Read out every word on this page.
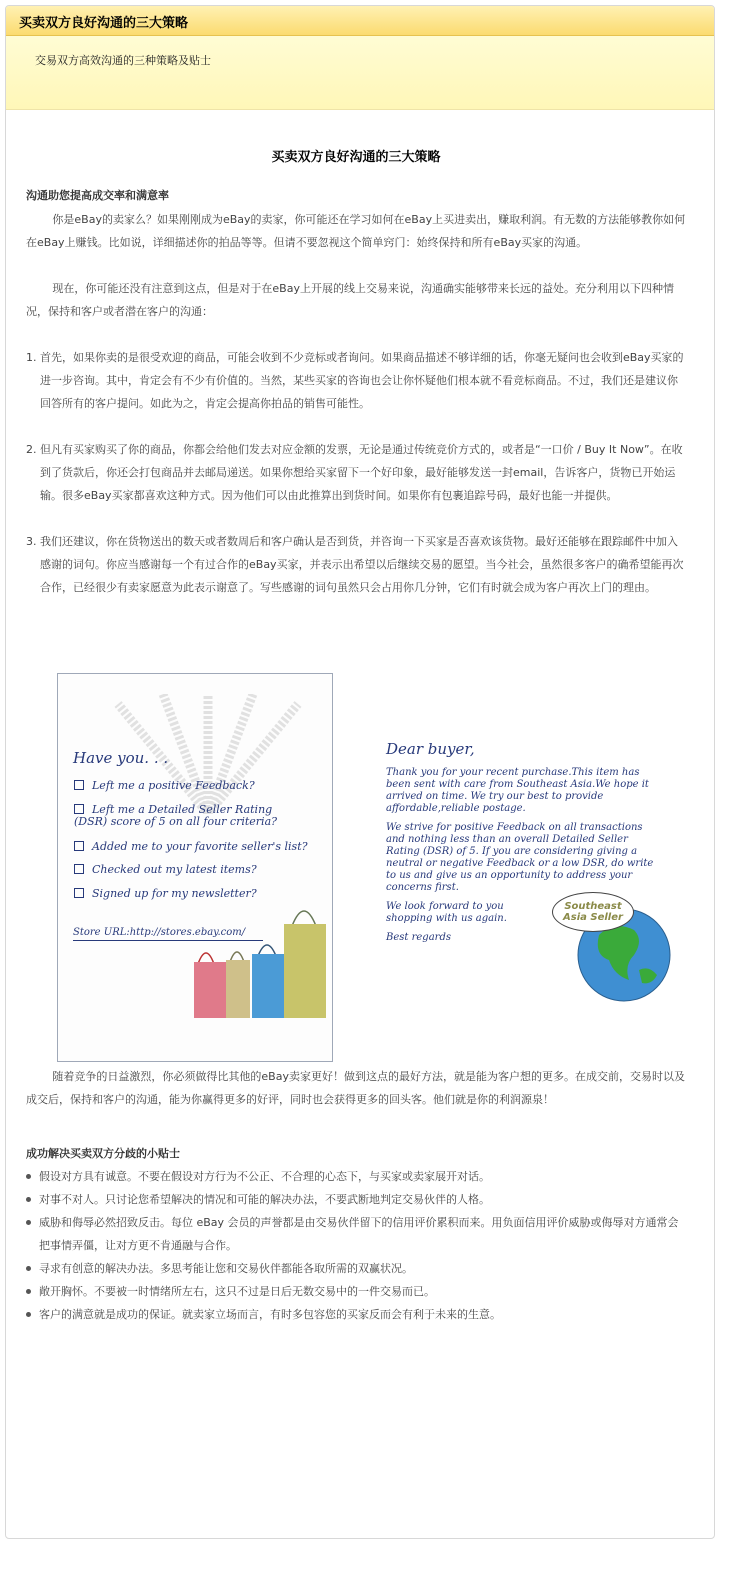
买卖双方良好沟通的三大策略
交易双方高效沟通的三种策略及贴士
买卖双方良好沟通的三大策略
沟通助您提高成交率和满意率

你是eBay的卖家么？如果刚刚成为eBay的卖家，你可能还在学习如何在eBay上买进卖出，赚取利润。有无数的方法能够教你如何在eBay上赚钱。比如说，详细描述你的拍品等等。但请不要忽视这个简单窍门：始终保持和所有eBay买家的沟通。

现在，你可能还没有注意到这点，但是对于在eBay上开展的线上交易来说，沟通确实能够带来长远的益处。充分利用以下四种情况，保持和客户或者潜在客户的沟通：

1. 首先，如果你卖的是很受欢迎的商品，可能会收到不少竞标或者询问。如果商品描述不够详细的话，你毫无疑问也会收到eBay买家的进一步咨询。其中，肯定会有不少有价值的。当然，某些买家的咨询也会让你怀疑他们根本就不看竞标商品。不过，我们还是建议你回答所有的客户提问。如此为之，肯定会提高你拍品的销售可能性。

2. 但凡有买家购买了你的商品，你都会给他们发去对应金额的发票，无论是通过传统竞价方式的，或者是“一口价 / Buy It Now”。在收到了货款后，你还会打包商品并去邮局递送。如果你想给买家留下一个好印象，最好能够发送一封email，告诉客户，货物已开始运输。很多eBay买家都喜欢这种方式。因为他们可以由此推算出到货时间。如果你有包裹追踪号码，最好也能一并提供。

3. 我们还建议，你在货物送出的数天或者数周后和客户确认是否到货，并咨询一下买家是否喜欢该货物。最好还能够在跟踪邮件中加入感谢的词句。你应当感谢每一个有过合作的eBay买家，并表示出希望以后继续交易的愿望。当今社会，虽然很多客户的确希望能再次合作，已经很少有卖家愿意为此表示谢意了。写些感谢的词句虽然只会占用你几分钟，它们有时就会成为客户再次上门的理由。

Have you. . .
Left me a positive Feedback?
Left me a Detailed Seller Rating (DSR) score of 5 on all four criteria?
Added me to your favorite seller's list?
Checked out my latest items?
Signed up for my newsletter?
Store URL:http://stores.ebay.com/
Dear buyer,

Thank you for your recent purchase.This item has been sent with care from Southeast Asia.We hope it arrived on time. We try our best to provide affordable,reliable postage.

We strive for positive Feedback on all transactions and nothing less than an overall Detailed Seller Rating (DSR) of 5. If you are considering giving a neutral or negative Feedback or a low DSR, do write to us and give us an opportunity to address your concerns first.

We look forward to you shopping with us again.

Best regards

Southeast
Asia Seller

随着竞争的日益激烈，你必须做得比其他的eBay卖家更好！做到这点的最好方法，就是能为客户想的更多。在成交前，交易时以及成交后，保持和客户的沟通，能为你赢得更多的好评，同时也会获得更多的回头客。他们就是你的利润源泉！

成功解决买卖双方分歧的小贴士

假设对方具有诚意。不要在假设对方行为不公正、不合理的心态下，与买家或卖家展开对话。

对事不对人。只讨论您希望解决的情况和可能的解决办法，不要武断地判定交易伙伴的人格。

威胁和侮辱必然招致反击。每位 eBay 会员的声誉都是由交易伙伴留下的信用评价累积而来。用负面信用评价威胁或侮辱对方通常会把事情弄僵，让对方更不肯通融与合作。

寻求有创意的解决办法。多思考能让您和交易伙伴都能各取所需的双赢状况。

敞开胸怀。不要被一时情绪所左右，这只不过是日后无数交易中的一件交易而已。

客户的满意就是成功的保证。就卖家立场而言，有时多包容您的买家反而会有利于未来的生意。
